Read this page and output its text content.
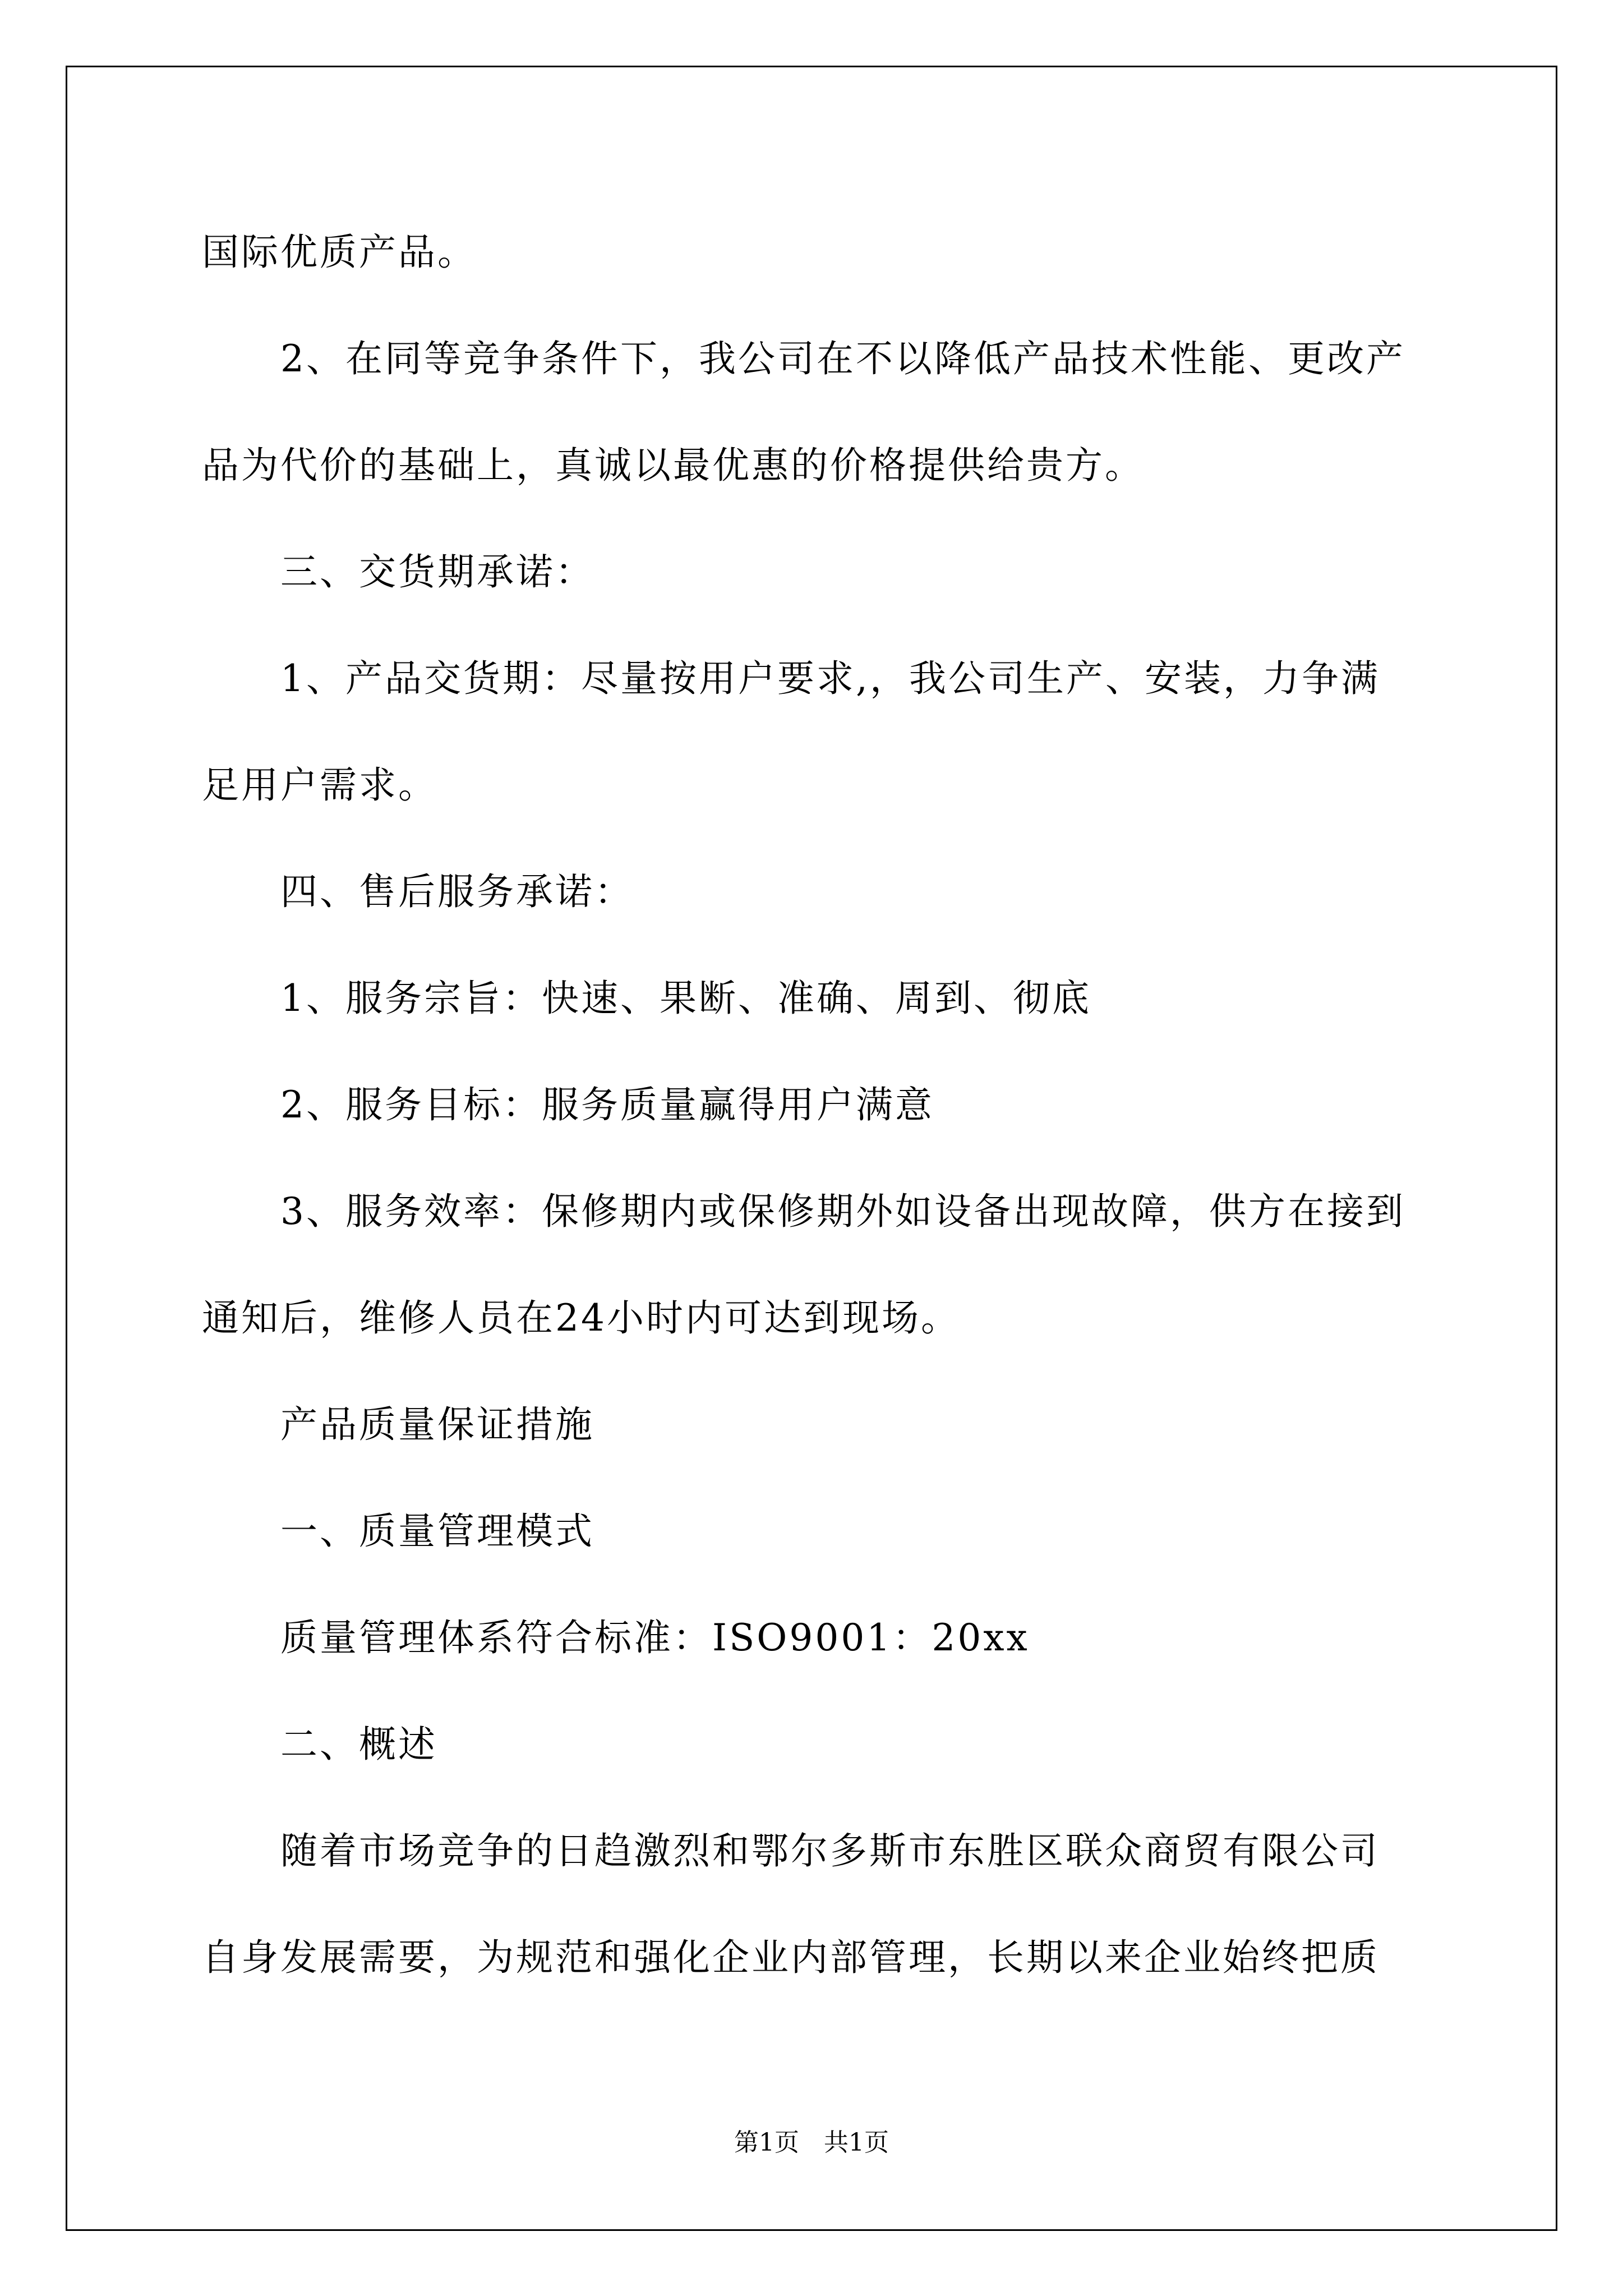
国际优质产品。
2、在同等竞争条件下，我公司在不以降低产品技术性能、更改产
品为代价的基础上，真诚以最优惠的价格提供给贵方。
三、交货期承诺：
1、产品交货期：尽量按用户要求,，我公司生产、安装，力争满
足用户需求。
四、售后服务承诺：
1、服务宗旨：快速、果断、准确、周到、彻底
2、服务目标：服务质量赢得用户满意
3、服务效率：保修期内或保修期外如设备出现故障，供方在接到
通知后，维修人员在24小时内可达到现场。
产品质量保证措施
一、质量管理模式
质量管理体系符合标准：ISO9001：20xx
二、概述
随着市场竞争的日趋激烈和鄂尔多斯市东胜区联众商贸有限公司
自身发展需要，为规范和强化企业内部管理，长期以来企业始终把质
第1页　共1页
